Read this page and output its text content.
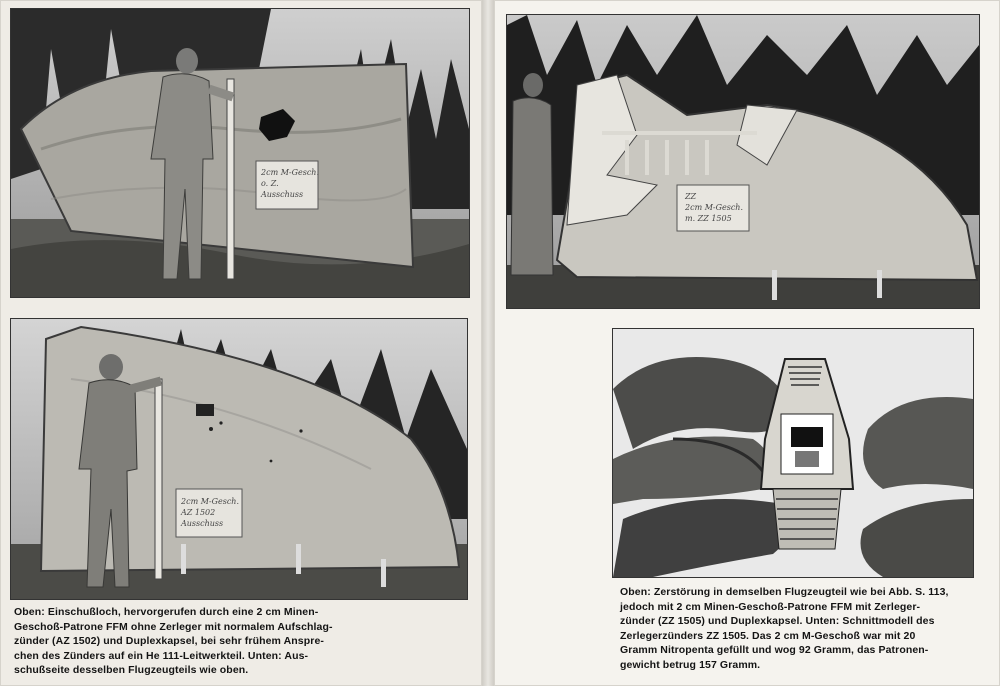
2cm M-Gesch.
o. Z.
Ausschuss
2cm M-Gesch.
AZ 1502
Ausschuss
Oben: Einschußloch, hervorgerufen durch eine 2 cm Minen-
Geschoß-Patrone FFM ohne Zerleger mit normalem Aufschlag-
zünder (AZ 1502) und Duplexkapsel, bei sehr frühem Anspre-
chen des Zünders auf ein He 111-Leitwerkteil. Unten: Aus-
schußseite desselben Flugzeugteils wie oben.
ZZ
2cm M-Gesch.
m. ZZ 1505
Oben: Zerstörung in demselben Flugzeugteil wie bei Abb. S. 113,
jedoch mit 2 cm Minen-Geschoß-Patrone FFM mit Zerleger-
zünder (ZZ 1505) und Duplexkapsel. Unten: Schnittmodell des
Zerlegerzünders ZZ 1505. Das 2 cm M-Geschoß war mit 20
Gramm Nitropenta gefüllt und wog 92 Gramm, das Patronen-
gewicht betrug 157 Gramm.
